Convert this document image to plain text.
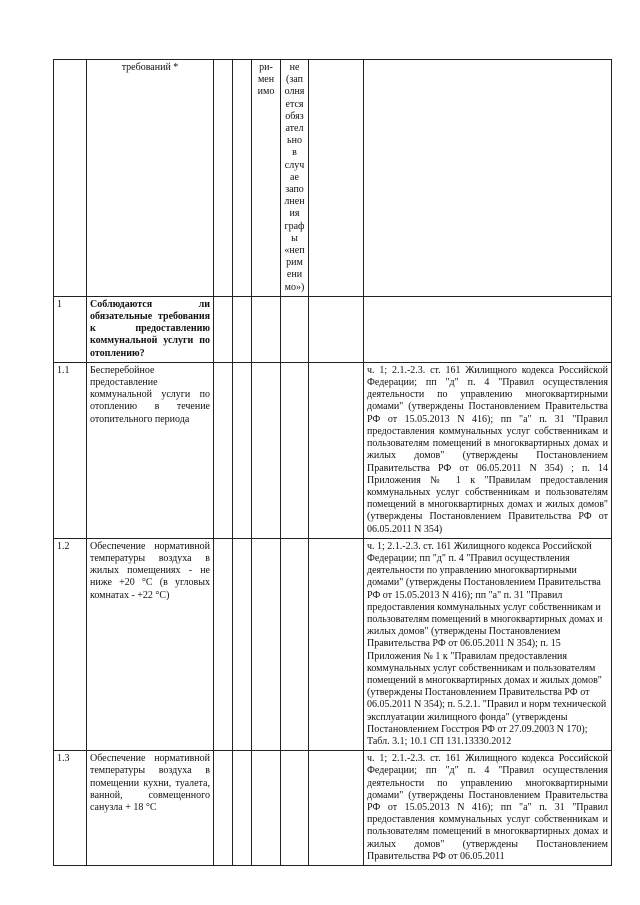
	требований *			ри-мен имо	не (заполняется обязательно в случае заполнения графы «неприменимо»)		
1	Соблюдаются ли обязательные требования к предоставлению коммунальной услуги по отоплению?						
1.1	Бесперебойное предоставление коммунальной услуги по отоплению в течение отопительного периода						ч. 1; 2.1.-2.3. ст. 161 Жилищного кодекса Российской Федерации; пп "д" п. 4 "Правил осуществления деятельности по управлению многоквартирными домами" (утверждены Постановлением Правительства РФ от 15.05.2013 N 416); пп "а" п. 31 "Правил предоставления коммунальных услуг собственникам и пользователям помещений в многоквартирных домах и жилых домов" (утверждены Постановлением Правительства РФ от 06.05.2011 N 354) ; п. 14 Приложения № 1 к "Правилам предоставления коммунальных услуг собственникам и пользователям помещений в многоквартирных домах и жилых домов" (утверждены Постановлением Правительства РФ от 06.05.2011 N 354)
1.2	Обеспечение нормативной температуры воздуха в жилых помещениях - не ниже +20 °С (в угловых комнатах - +22 °С)						ч. 1; 2.1.-2.3. ст. 161 Жилищного кодекса Российской Федерации; пп "д" п. 4 "Правил осуществления деятельности по управлению многоквартирными домами" (утверждены Постановлением Правительства РФ от 15.05.2013 N 416); пп "а" п. 31 "Правил предоставления коммунальных услуг собственникам и пользователям помещений в многоквартирных домах и жилых домов" (утверждены Постановлением Правительства РФ от 06.05.2011 N 354); п. 15 Приложения № 1 к "Правилам предоставления коммунальных услуг собственникам и пользователям помещений в многоквартирных домах и жилых домов" (утверждены Постановлением Правительства РФ от 06.05.2011 N 354); п. 5.2.1. "Правил и норм технической эксплуатации жилищного фонда" (утверждены Постановлением Госстроя РФ от 27.09.2003 N 170); Табл. 3.1; 10.1 СП 131.13330.2012
1.3	Обеспечение нормативной температуры воздуха в помещении кухни, туалета, ванной, совмещенного санузла + 18 °С						ч. 1; 2.1.-2.3. ст. 161 Жилищного кодекса Российской Федерации; пп "д" п. 4 "Правил осуществления деятельности по управлению многоквартирными домами" (утверждены Постановлением Правительства РФ от 15.05.2013 N 416); пп "а" п. 31 "Правил предоставления коммунальных услуг собственникам и пользователям помещений в многоквартирных домах и жилых домов" (утверждены Постановлением Правительства РФ от 06.05.2011
